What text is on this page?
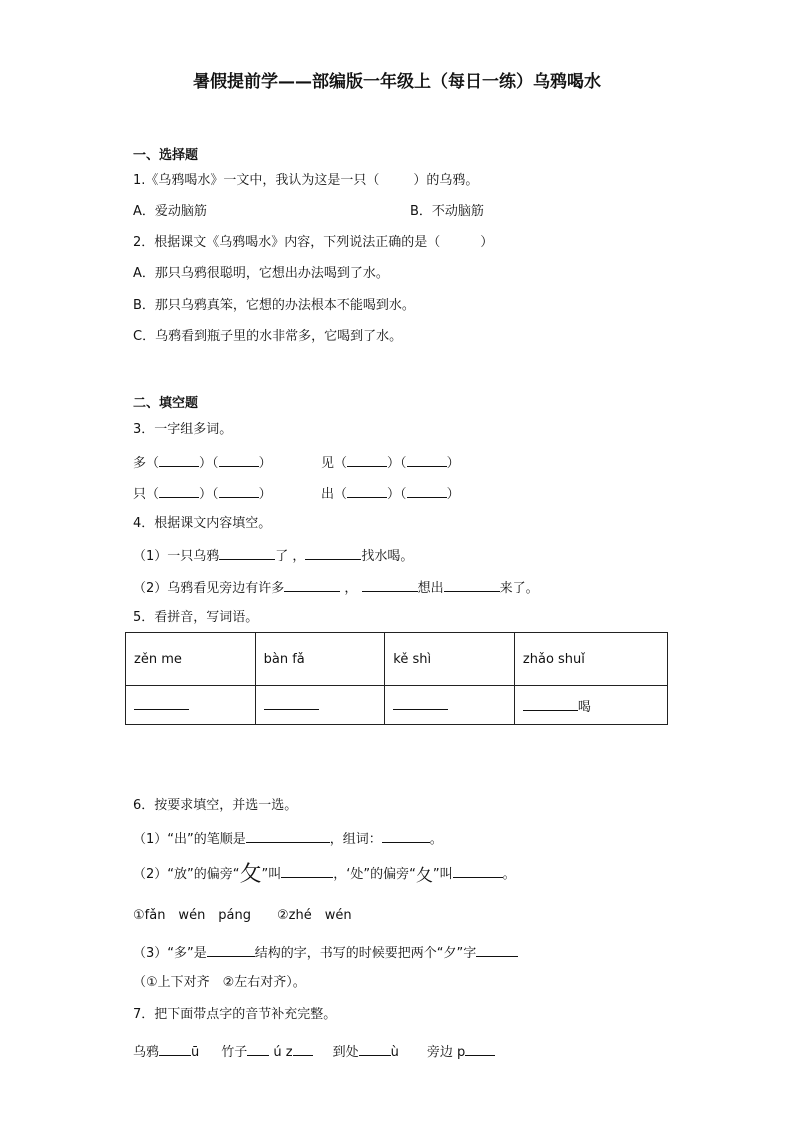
暑假提前学——部编版一年级上（每日一练）乌鸦喝水
一、选择题
1.《乌鸦喝水》一文中，我认为这是一只（	）的乌鸦。
A．爱动脑筋	B．不动脑筋
2．根据课文《乌鸦喝水》内容，下列说法正确的是（	）
A．那只乌鸦很聪明，它想出办法喝到了水。
B．那只乌鸦真笨，它想的办法根本不能喝到水。
C．乌鸦看到瓶子里的水非常多，它喝到了水。
二、填空题
3．一字组多词。
多（	）（	）	见（	）（	）
只（	）（	）	出（	）（	）
4．根据课文内容填空。
（1）一只乌鸦	了 ，	找水喝。
（2）乌鸦看见旁边有许多	，	想出	来了。
5．看拼音，写词语。
zěn me	bàn fǎ	kě shì	zhǎo shuǐ
			喝
6．按要求填空，并选一选。
（1）“出”的笔顺是	，组词：	。
（2）“放”的偏旁“攵”叫	，‘处”的偏旁“夂”叫	。
①fǎn　wén　páng　　②zhé　wén
（3）“多”是	结构的字，书写的时候要把两个“夕”字
（①上下对齐　②左右对齐）。
7．把下面带点字的音节补充完整。
乌鸦 ū 竹子 ú z	到处 ù 旁边 p
